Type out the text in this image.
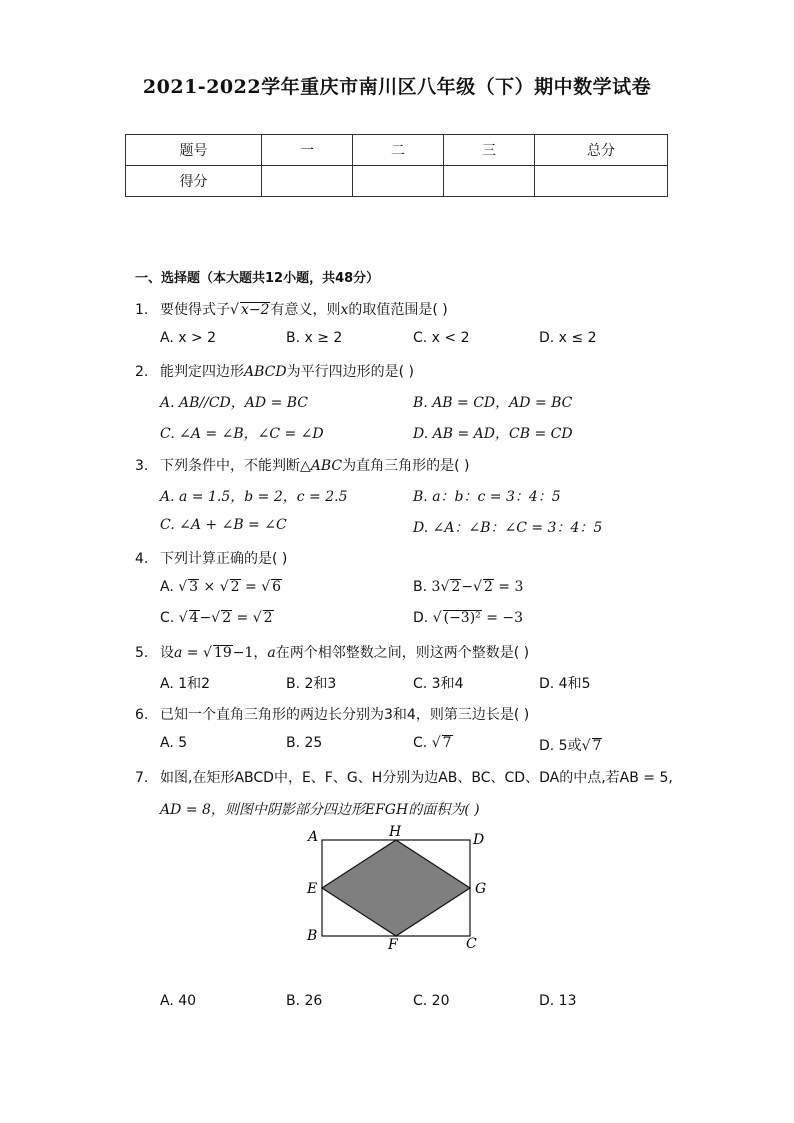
2021-2022学年重庆市南川区八年级（下）期中数学试卷
题号	一	二	三	总分
得分				
一、选择题（本大题共12小题，共48分）
1. 要使得式子√ x−2有意义，则x的取值范围是( )
A. x > 2	B. x ≥ 2	C. x < 2	D. x ≤ 2
2. 能判定四边形ABCD为平行四边形的是( )
A. AB//CD，AD = BC	B. AB = CD，AD = BC
C. ∠A = ∠B，∠C = ∠D	D. AB = AD，CB = CD
3. 下列条件中，不能判断△ABC为直角三角形的是( )
A. a = 1.5，b = 2，c = 2.5	B. a：b：c = 3：4：5
C. ∠A + ∠B = ∠C	D. ∠A：∠B：∠C = 3：4：5
4. 下列计算正确的是( )
A. √ 3 × √ 2 = √ 6	B. 3√ 2−√ 2 = 3
C. √ 4−√ 2 = √ 2	D. √ (−3)² = −3
5. 设a = √ 19−1，a在两个相邻整数之间，则这两个整数是( )
A. 1和2	B. 2和3	C. 3和4	D. 4和5
6. 已知一个直角三角形的两边长分别为3和4，则第三边长是( )
A. 5	B. 25	C. √ 7	D. 5或√ 7
7. 如图,在矩形ABCD中，E、F、G、H分别为边AB、BC、CD、DA的中点,若AB = 5,
AD = 8，则图中阴影部分四边形EFGH的面积为( )
A	H	D
E	G
B
F	C
A. 40	B. 26	C. 20	D. 13
